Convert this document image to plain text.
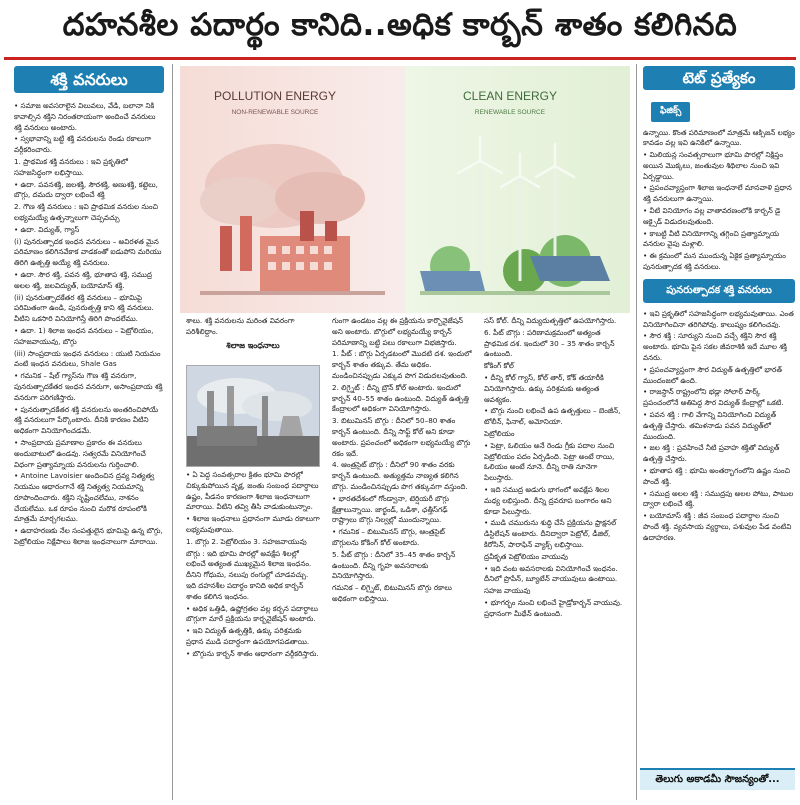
దహనశీల పదార్థం కానిది..అధిక కార్బన్ శాతం కలిగినది
శక్తి వనరులు

• సమాజ అవసరాలైన విలువలు, వేడి, బలానా నికి కావాల్సిన శక్తిని నిరంతరాయంగా అందించే వనరులు శక్తి వనరులు అంటారు.

• స్వభావాన్ని బట్టి శక్తి వనరులను రెండు రకాలుగా వర్గీకరించారు.

1. ప్రాథమిక శక్తి వనరులు : ఇవి ప్రకృతిలో సహజసిద్ధంగా లభిస్తాయి.

• ఉదా. పవనశక్తి, జలశక్తి, సౌరశక్తి, అణుశక్తి, కట్టెలు, బొగ్గు, దమదు ద్వారా లభించే శక్తి

2. గౌణ శక్తి వనరులు : ఇవి ప్రాథమిక వనరుల నుంచి లభ్యమయ్యే ఉత్పన్నాలుగా చెప్పవచ్చు

• ఉదా. విద్యుత్, గ్యాస్

(i) పునరుత్పాదక ఇంధన వనరులు – అవిరళత మైన పరిమాణం కలిగినవేకాక వాడకంతో ఐడుపోని మరియు తిరిగి ఉత్పత్తి అయ్యే శక్తి వనరులు.

• ఉదా. సౌర శక్తి, పవన శక్తి, భూతాప శక్తి, సముద్ర అలల శక్తి, జలవిద్యుత్, బయోమాస్ శక్తి.

(ii) పునరుత్పాదకేతర శక్తి వనరులు – భూమిపై పరిమితంగా ఉండి, పునరుత్పత్తి కాని శక్తి వనరులు. వీటిని ఒకసారి వినియోగిస్తే తిరిగి పొందలేము.

• ఉదా. 1) శిలాజ ఇంధన వనరులు – పెట్రోలియం, సహజవాయువు, బొగ్గు

(iii) సాంప్రదాయ ఇంధన వనరులు : యుటి నియమం వంటి ఇంధన వనరులు, Shale Gas

• గమనిక – షేల్ గ్యాస్‌ను గౌణ శక్తి వనరుగా, పునరుత్పాదకేతర ఇంధన వనరుగా, అసాంప్రదాయ శక్తి వనరుగా పరిగణిస్తారు.

• పునరుత్పాదకేతర శక్తి వనరులను అంతరించిపోయే శక్తి వనరులుగా పేర్కొంటారు. దీనికి కారణం వీటిని అధికంగా వినియోగించడమే.

• సాంప్రదాయ ప్రమాణాల ప్రకారం ఈ వనరులు అందుబాటులో ఉండవు. సత్వరమే వినియోగించే విధంగా ప్రత్యామ్నాయ వనరులను గుర్తించాలి.

• Antoine Lavoisier అందించిన ద్రవ్య నిత్యత్వ నియమం ఆధారంగానే శక్తి నిత్యత్వ నియమాన్ని రూపొందించారు. శక్తిని సృష్టించలేము, నాశనం చేయలేము. ఒక రూపం నుంచి మరొక రూపంలోకి మాత్రమే మార్చగలము.

• ఉదాహరణకు నేల సంపత్తులైన భూమిపై ఉన్న బొగ్గు, పెట్రోలియం నిక్షేపాలు శిలాజ ఇంధనాలుగా మారాయి.

POLLUTION ENERGY
NON-RENEWABLE SOURCE
CLEAN ENERGY
RENEWABLE SOURCE

శాలు. శక్తి వనరులను మరింత వివరంగా పరిశీలిద్దాం.

శిలాజ ఇంధనాలు

• ఏ పెద్ద సంవత్సరాల క్రితం భూమి పొరల్లో చిక్కుకుపోయిన వృక్ష, జంతు సంబంధ పదార్థాలు ఉష్ణం, పీడనం కారణంగా శిలాజ ఇంధనాలుగా మారాయి. వీటిని తవ్వి తీసి వాడుకుంటున్నాం.

• శిలాజ ఇంధనాలు ప్రధానంగా మూడు రకాలుగా లభ్యమవుతాయి.

1. బొగ్గు 2. పెట్రోలియం 3. సహజవాయువు

బొగ్గు : ఇది భూమి పొరల్లో అవక్షేప శిలల్లో లభించే అత్యంత ముఖ్యమైన శిలాజ ఇంధనం. దీనిని గోధుమ, నలుపు రంగుల్లో చూడవచ్చు. ఇది దహనశీల పదార్థం కానిది అధిక కార్బన్ శాతం కలిగిన ఇంధనం.

• అధిక ఒత్తిడి, ఉష్ణోగ్రతల వల్ల కర్బన పదార్థాలు బొగ్గుగా మారే ప్రక్రియను కార్బనైజేషన్ అంటారు.

• ఇవి విద్యుత్ ఉత్పత్తికి, ఉక్కు పరిశ్రమకు ప్రధాన ముడి పదార్థంగా ఉపయోగపడతాయి.

• బొగ్గును కార్బన్ శాతం ఆధారంగా వర్గీకరిస్తారు.

గుంగా ఉండటం వల్ల ఈ ప్రక్రియను కార్బొనైజేషన్ అని అంటారు. బొగ్గులో లభ్యమయ్యే కార్బన్ పరిమాణాన్ని బట్టి పలు రకాలుగా విభజిస్తారు.

1. పీట్ : బొగ్గు ఏర్పడటంలో మొదటి దశ. ఇందులో కార్బన్ శాతం తక్కువ. తేమ అధికం. మండించినప్పుడు ఎక్కువ పొగ విడుదలవుతుంది.

2. లిగ్నైట్ : దీన్ని బ్రౌన్ కోల్ అంటారు. ఇందులో కార్బన్ 40–55 శాతం ఉంటుంది. విద్యుత్ ఉత్పత్తి కేంద్రాలలో అధికంగా వినియోగిస్తారు.

3. బిటుమినస్ బొగ్గు : దీనిలో 50–80 శాతం కార్బన్ ఉంటుంది. దీన్ని సాఫ్ట్ కోల్ అని కూడా అంటారు. ప్రపంచంలో అధికంగా లభ్యమయ్యే బొగ్గు రకం ఇదే.

4. ఆంత్రసైట్ బొగ్గు : దీనిలో 90 శాతం వరకు కార్బన్ ఉంటుంది. అత్యుత్తమ నాణ్యత కలిగిన బొగ్గు. మండించినప్పుడు పొగ తక్కువగా వస్తుంది.

• భారతదేశంలో గోండ్వానా, టెర్షియరీ బొగ్గు క్షేత్రాలున్నాయి. జార్ఖండ్, ఒడిశా, ఛత్తీస్‌గఢ్ రాష్ట్రాలు బొగ్గు నిల్వల్లో ముందున్నాయి.

• గమనిక – బిటుమినస్ బొగ్గు, ఆంత్రసైట్ బొగ్గులను కోకింగ్ కోల్ అంటారు.

5. పీట్ బొగ్గు : దీనిలో 35–45 శాతం కార్బన్ ఉంటుంది. దీన్ని గృహ అవసరాలకు వినియోగిస్తారు.

గమనిక – లిగ్నైట్, బిటుమినస్ బొగ్గు రకాలు అధికంగా లభిస్తాయి.

సస్ కోల్. దీన్ని విద్యుదుత్పత్తిలో ఉపయోగిస్తారు.

6. పీట్ బొగ్గు : పరిణామక్రమంలో అత్యంత ప్రాథమిక దశ. ఇందులో 30 – 35 శాతం కార్బన్ ఉంటుంది.

కోకింగ్ కోల్

• దీన్ని కోల్ గ్యాస్, కోల్ తార్, కోక్ తయారీకి వినియోగిస్తారు. ఉక్కు పరిశ్రమకు అత్యంత ఆవశ్యకం.

• బొగ్గు నుంచి లభించే ఉప ఉత్పత్తులు – బెంజీన్, టోలీన్, ఫినాల్, అమోనియా.

పెట్రోలియం

• పెట్రా, ఓలియం అనే రెండు గ్రీకు పదాల నుంచి పెట్రోలియం పదం ఏర్పడింది. పెట్రా అంటే రాయి, ఓలియం అంటే నూనె. దీన్ని రాతి నూనెగా పిలుస్తారు.

• ఇది సముద్ర అడుగు భాగంలో అవక్షేప శిలల మధ్య లభిస్తుంది. దీన్ని ద్రవరూప బంగారం అని కూడా పిలుస్తారు.

• ముడి చమురును శుద్ధి చేసే ప్రక్రియను ఫ్రాక్షనల్ డిస్టిలేషన్ అంటారు. దీనిద్వారా పెట్రోల్, డీజిల్, కిరోసిన్, పారాఫిన్ వ్యాక్స్ లభిస్తాయి.

ద్రవీకృత పెట్రోలియం వాయువు

• ఇది వంట అవసరాలకు వినియోగించే ఇంధనం. దీనిలో ప్రొపేన్, బ్యూటేన్ వాయువులు ఉంటాయి.

సహజ వాయువు

• భూగర్భం నుంచి లభించే హైడ్రోకార్బన్ వాయువు. ప్రధానంగా మీథేన్ ఉంటుంది.

టెట్ ప్రత్యేకం
ఫిజిక్స్

ఉన్నాయి. కొంత పరిమాణంలో మాత్రమే ఆక్సిజన్ లభ్యం కావడం వల్ల ఇవి ఉనికిలో ఉన్నాయి.

• మిలియన్ల సంవత్సరాలుగా భూమి పొరల్లో నిక్షిప్తం అయిన మొక్కలు, జంతువుల శిథిలాల నుంచి ఇవి ఏర్పడ్డాయి.

• ప్రపంచవ్యాప్తంగా శిలాజ ఇంధనాలే మానవాళి ప్రధాన శక్తి వనరులుగా ఉన్నాయి.

• వీటి వినియోగం వల్ల వాతావరణంలోకి కార్బన్ డై ఆక్సైడ్ విడుదలవుతుంది.

• కాబట్టి వీటి వినియోగాన్ని తగ్గించి ప్రత్యామ్నాయ వనరుల వైపు మళ్లాలి.

• ఈ క్రమంలో మన ముందున్న ఏకైక ప్రత్యామ్నాయం పునరుత్పాదక శక్తి వనరులు.

పునరుత్పాదక శక్తి వనరులు

• ఇవి ప్రకృతిలో సహజసిద్ధంగా లభ్యమవుతాయి. ఎంత వినియోగించినా తరిగిపోవు. కాలుష్యం కలిగించవు.

• సౌర శక్తి : సూర్యుని నుంచి వచ్చే శక్తిని సౌర శక్తి అంటారు. భూమి పైన సకల జీవరాశికి ఇదే మూల శక్తి వనరు.

• ప్రపంచవ్యాప్తంగా సౌర విద్యుత్ ఉత్పత్తిలో భారత్ ముందంజలో ఉంది.

• రాజస్థాన్ రాష్ట్రంలోని భడ్లా సోలార్ పార్క్ ప్రపంచంలోనే అతిపెద్ద సౌర విద్యుత్ కేంద్రాల్లో ఒకటి.

• పవన శక్తి : గాలి వేగాన్ని వినియోగించి విద్యుత్ ఉత్పత్తి చేస్తారు. తమిళనాడు పవన విద్యుత్‌లో ముందుంది.

• జల శక్తి : ప్రవహించే నీటి ప్రవాహ శక్తితో విద్యుత్ ఉత్పత్తి చేస్తారు.

• భూతాప శక్తి : భూమి అంతర్భాగంలోని ఉష్ణం నుంచి పొందే శక్తి.

• సముద్ర అలల శక్తి : సముద్రపు అలల పోటు, పాటుల ద్వారా లభించే శక్తి.

• బయోమాస్ శక్తి : జీవ సంబంధ పదార్థాల నుంచి పొందే శక్తి. వ్యవసాయ వ్యర్థాలు, పశువుల పేడ వంటివి ఉదాహరణ.

తెలుగు అకాడమీ సౌజన్యంతో...
